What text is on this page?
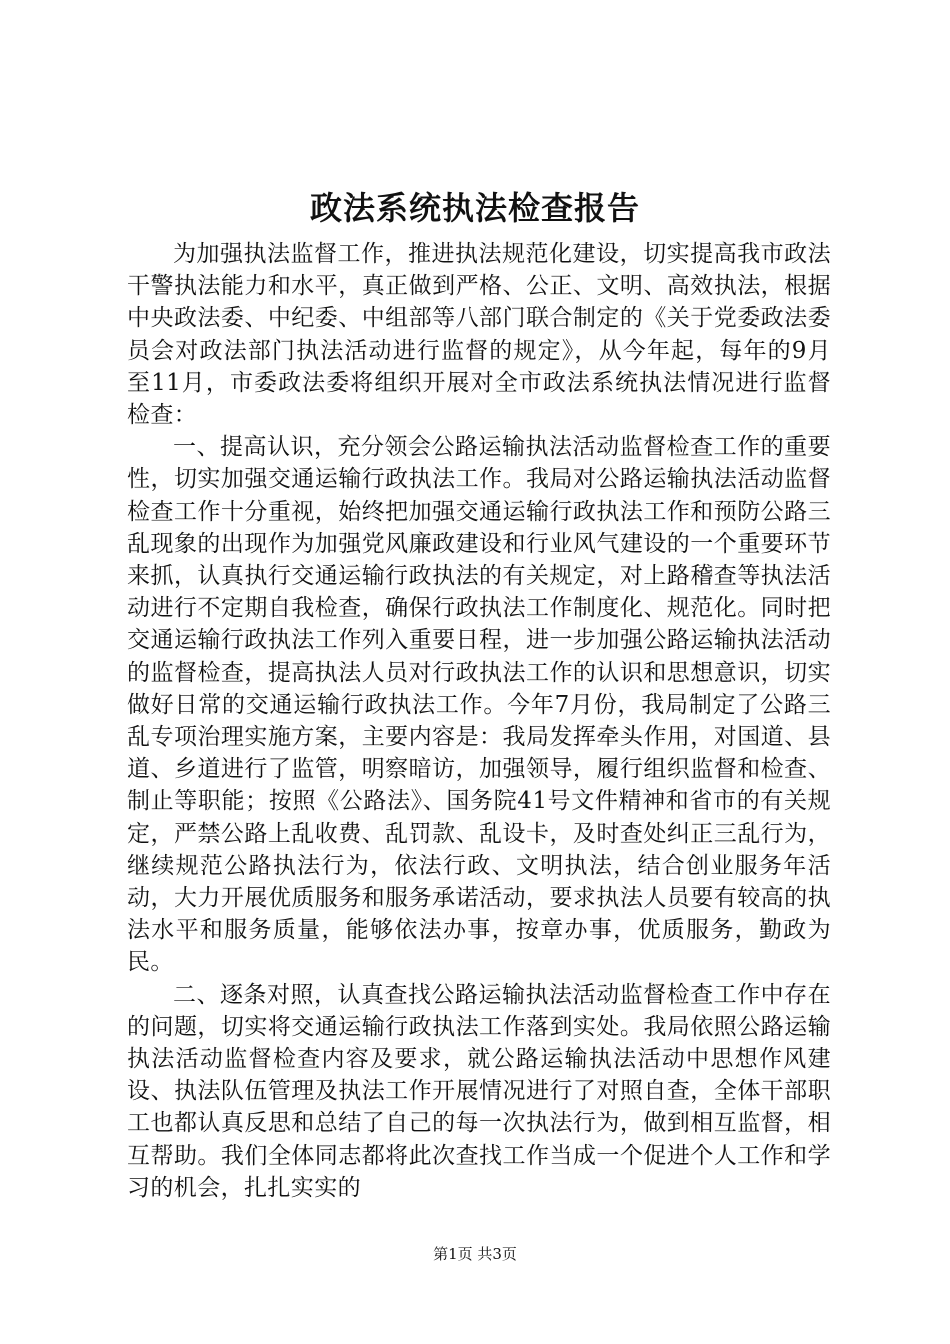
政法系统执法检查报告

为加强执法监督工作，推进执法规范化建设，切实提高我市政法干警执法能力和水平，真正做到严格、公正、文明、高效执法，根据中央政法委、中纪委、中组部等八部门联合制定的《关于党委政法委员会对政法部门执法活动进行监督的规定》，从今年起，每年的9月至11月，市委政法委将组织开展对全市政法系统执法情况进行监督检查：

一、提高认识，充分领会公路运输执法活动监督检查工作的重要性，切实加强交通运输行政执法工作。我局对公路运输执法活动监督检查工作十分重视，始终把加强交通运输行政执法工作和预防公路三乱现象的出现作为加强党风廉政建设和行业风气建设的一个重要环节来抓，认真执行交通运输行政执法的有关规定，对上路稽查等执法活动进行不定期自我检查，确保行政执法工作制度化、规范化。同时把交通运输行政执法工作列入重要日程，进一步加强公路运输执法活动的监督检查，提高执法人员对行政执法工作的认识和思想意识，切实做好日常的交通运输行政执法工作。今年7月份，我局制定了公路三乱专项治理实施方案，主要内容是：我局发挥牵头作用，对国道、县道、乡道进行了监管，明察暗访，加强领导，履行组织监督和检查、制止等职能；按照《公路法》、国务院41号文件精神和省市的有关规定，严禁公路上乱收费、乱罚款、乱设卡，及时查处纠正三乱行为，继续规范公路执法行为，依法行政、文明执法，结合创业服务年活动，大力开展优质服务和服务承诺活动，要求执法人员要有较高的执法水平和服务质量，能够依法办事，按章办事，优质服务，勤政为民。

二、逐条对照，认真查找公路运输执法活动监督检查工作中存在的问题，切实将交通运输行政执法工作落到实处。我局依照公路运输执法活动监督检查内容及要求，就公路运输执法活动中思想作风建设、执法队伍管理及执法工作开展情况进行了对照自查，全体干部职工也都认真反思和总结了自己的每一次执法行为，做到相互监督，相互帮助。我们全体同志都将此次查找工作当成一个促进个人工作和学习的机会，扎扎实实的

第1页 共3页
